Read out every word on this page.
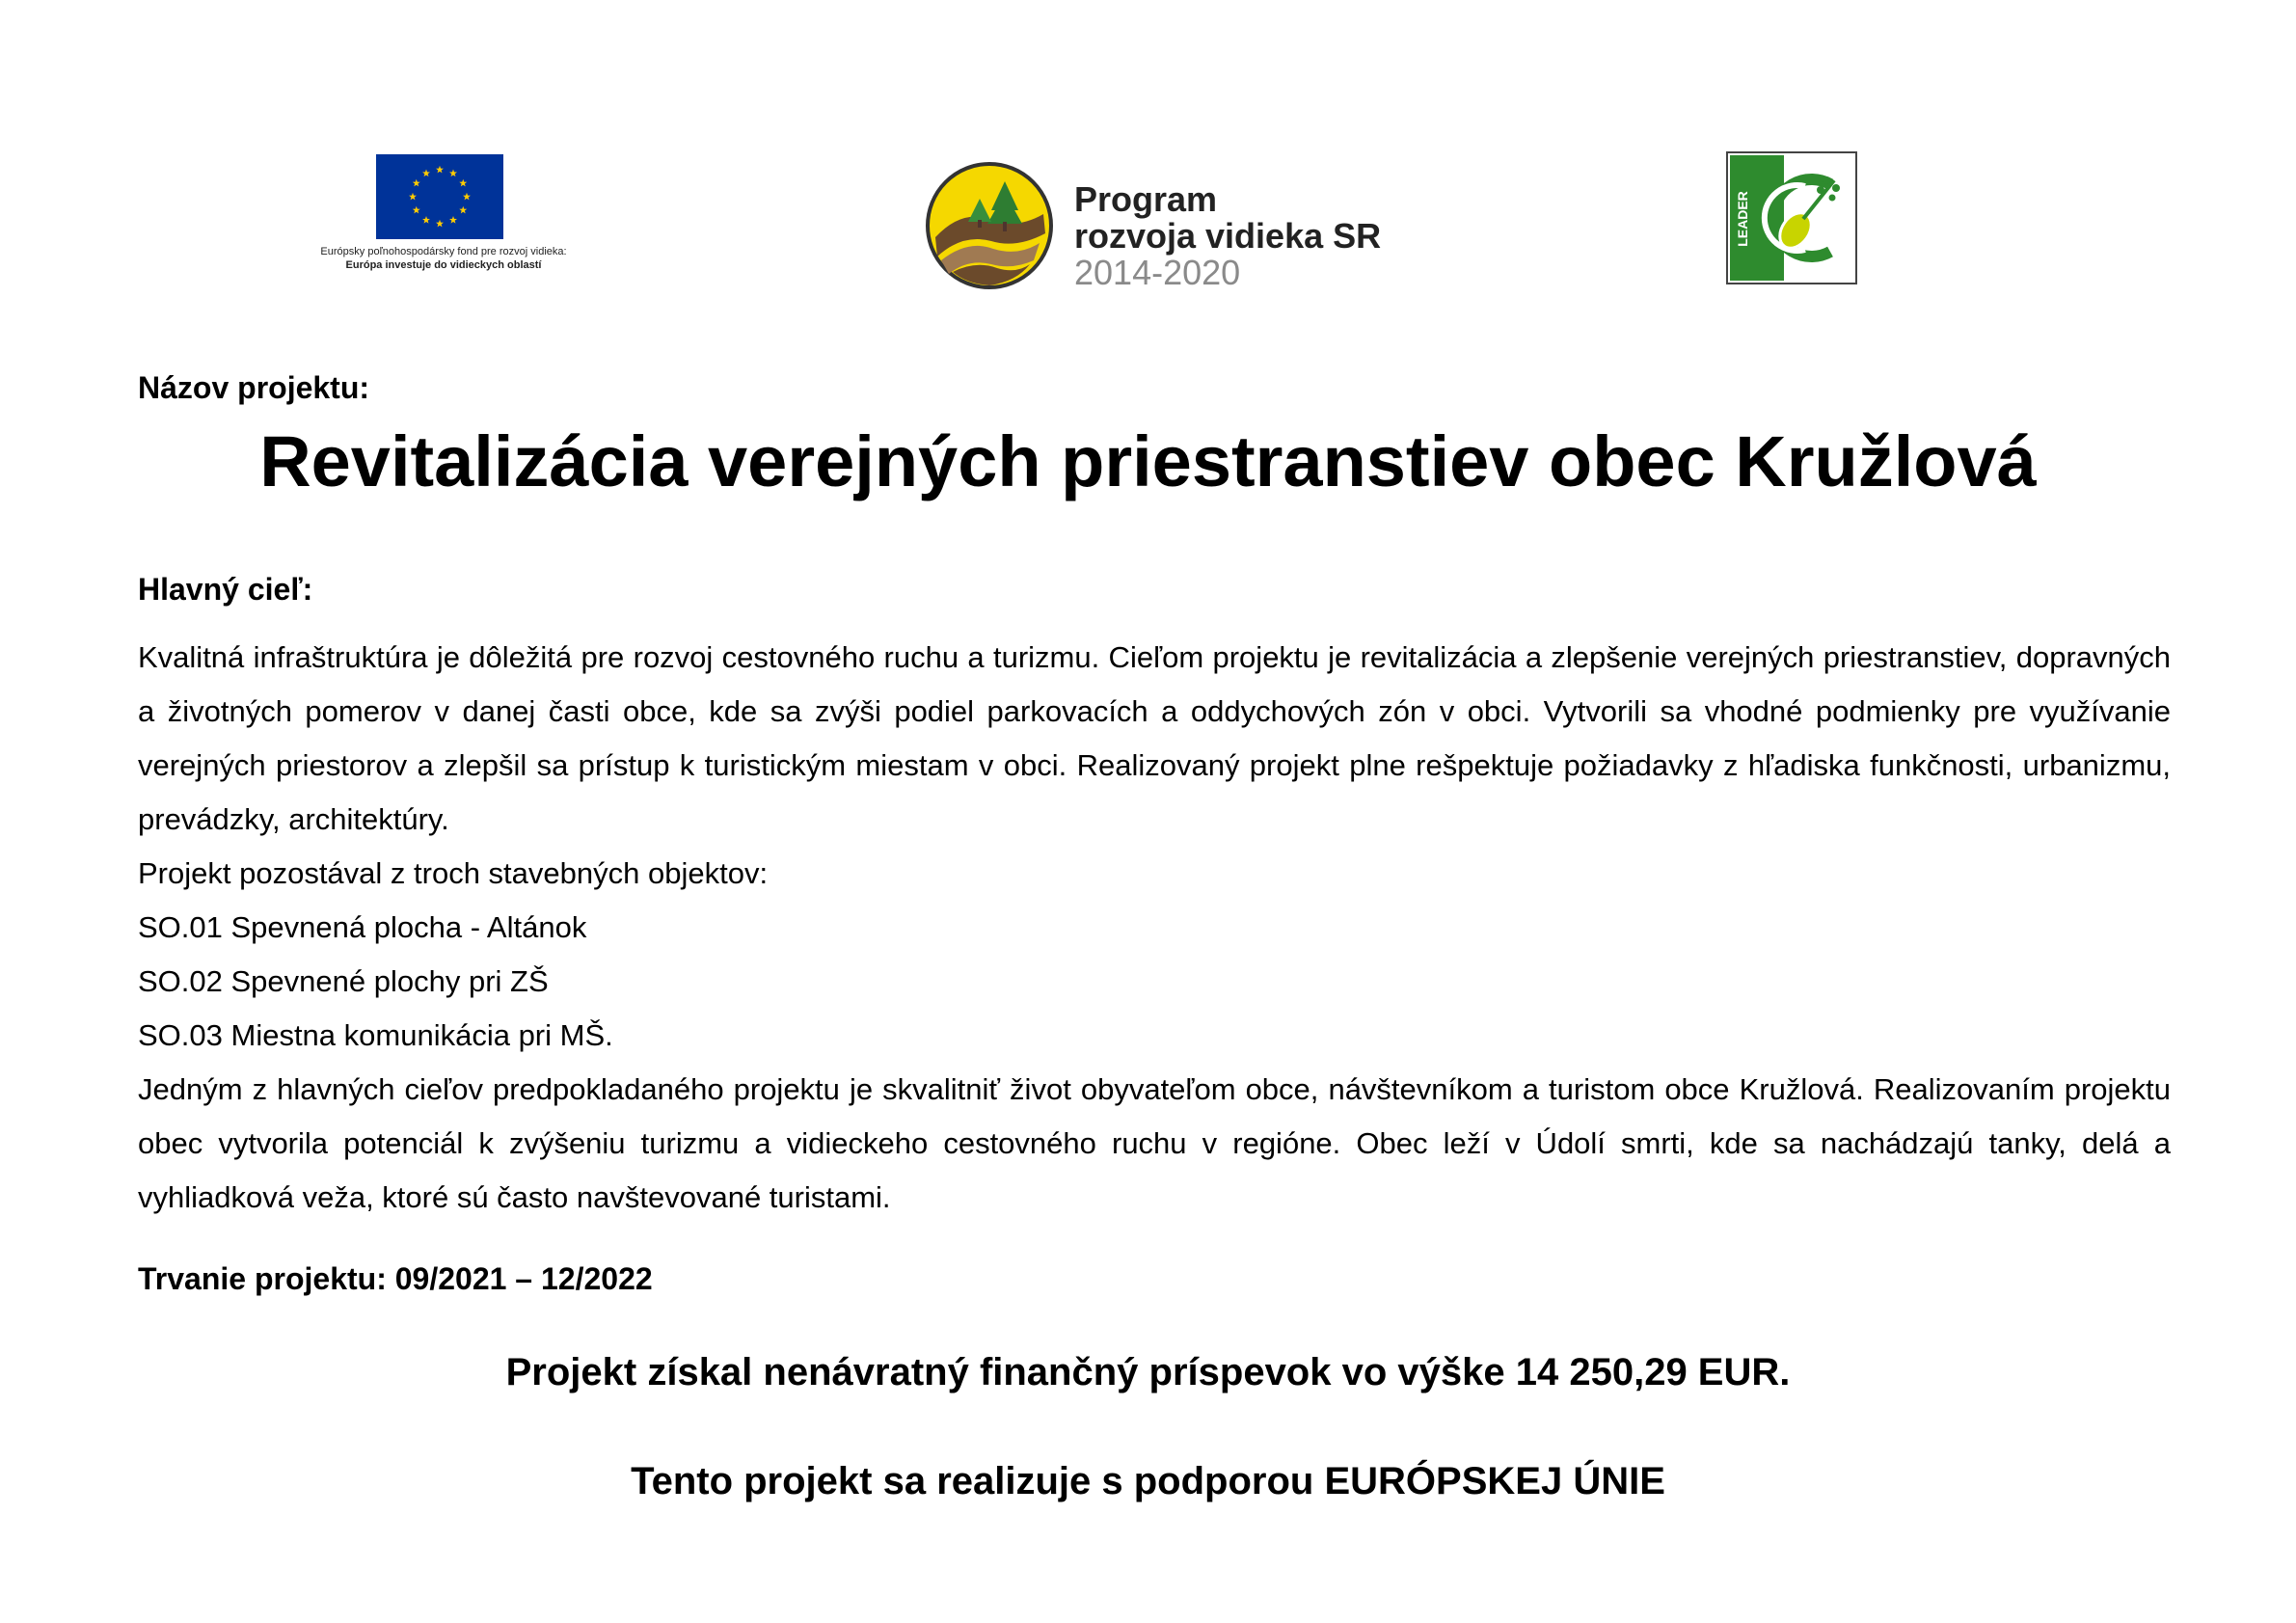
Európsky poľnohospodársky fond pre rozvoj vidieka:
Európa investuje do vidieckych oblastí
Program
rozvoja vidieka SR
2014-2020
LEADER
Názov projektu:
Revitalizácia verejných priestranstiev obec Kružlová
Hlavný cieľ:

Kvalitná infraštruktúra je dôležitá pre rozvoj cestovného ruchu a turizmu. Cieľom projektu je revitalizácia a zlepšenie verejných priestranstiev, dopravných a životných pomerov v danej časti obce, kde sa zvýši podiel parkovacích a oddychových zón v obci. Vytvorili sa vhodné podmienky pre využívanie verejných priestorov a zlepšil sa prístup k turistickým miestam v obci. Realizovaný projekt plne rešpektuje požiadavky z hľadiska funkčnosti, urbanizmu, prevádzky, architektúry.

Projekt pozostával z troch stavebných objektov:

SO.01 Spevnená plocha - Altánok

SO.02 Spevnené plochy pri ZŠ

SO.03 Miestna komunikácia pri MŠ.

Jedným z hlavných cieľov predpokladaného projektu je skvalitniť život obyvateľom obce, návštevníkom a turistom obce Kružlová. Realizovaním projektu obec vytvorila potenciál k zvýšeniu turizmu a vidieckeho cestovného ruchu v regióne. Obec leží v Údolí smrti, kde sa nachádzajú tanky, delá a vyhliadková veža, ktoré sú často navštevované turistami.

Trvanie projektu: 09/2021 – 12/2022
Projekt získal nenávratný finančný príspevok vo výške 14 250,29 EUR.
Tento projekt sa realizuje s podporou EURÓPSKEJ ÚNIE
